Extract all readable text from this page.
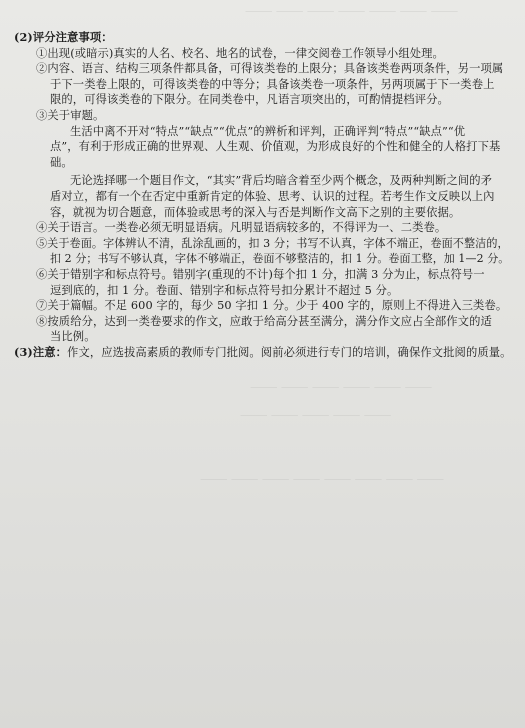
⸻ ⸻ ⸻ ⸻ ⸻ ⸻ ⸻
⸻ ⸻ ⸻ ⸻ ⸻ ⸻
⸻ ⸻ ⸻ ⸻ ⸻
⸻ ⸻ ⸻ ⸻ ⸻ ⸻ ⸻ ⸻
(2)评分注意事项：
①出现(或暗示)真实的人名、校名、地名的试卷，一律交阅卷工作领导小组处理。
②内容、语言、结构三项条件都具备，可得该类卷的上限分；具备该类卷两项条件，另一项属
于下一类卷上限的，可得该类卷的中等分；具备该类卷一项条件，另两项属于下一类卷上
限的，可得该类卷的下限分。在同类卷中，凡语言项突出的，可酌情提档评分。
③关于审题。
生活中离不开对“特点”“缺点”“优点”的辨析和评判，正确评判“特点”“缺点”“优
点”，有利于形成正确的世界观、人生观、价值观，为形成良好的个性和健全的人格打下基
础。
无论选择哪一个题目作文，“其实”背后均暗含着至少两个概念，及两种判断之间的矛
盾对立，都有一个在否定中重新肯定的体验、思考、认识的过程。若考生作文反映以上內
容，就视为切合题意，而体验或思考的深入与否是判断作文高下之别的主要依据。
④关于语言。一类卷必须无明显语病。凡明显语病较多的，不得评为一、二类卷。
⑤关于卷面。字体辨认不清，乱涂乱画的，扣 3 分；书写不认真，字体不端正，卷面不整洁的，
扣 2 分；书写不够认真，字体不够端正，卷面不够整洁的，扣 1 分。卷面工整，加 1—2 分。
⑥关于错别字和标点符号。错别字(重现的不计)每个扣 1 分，扣满 3 分为止，标点符号一
逗到底的，扣 1 分。卷面、错别字和标点符号扣分累计不超过 5 分。
⑦关于篇幅。不足 600 字的，每少 50 字扣 1 分。少于 400 字的，原则上不得进入三类卷。
⑧按质给分，达到一类卷要求的作文，应敢于给高分甚至满分，满分作文应占全部作文的适
当比例。
(3)注意：作文，应选拔高素质的教师专门批阅。阅前必须进行专门的培训，确保作文批阅的质量。
